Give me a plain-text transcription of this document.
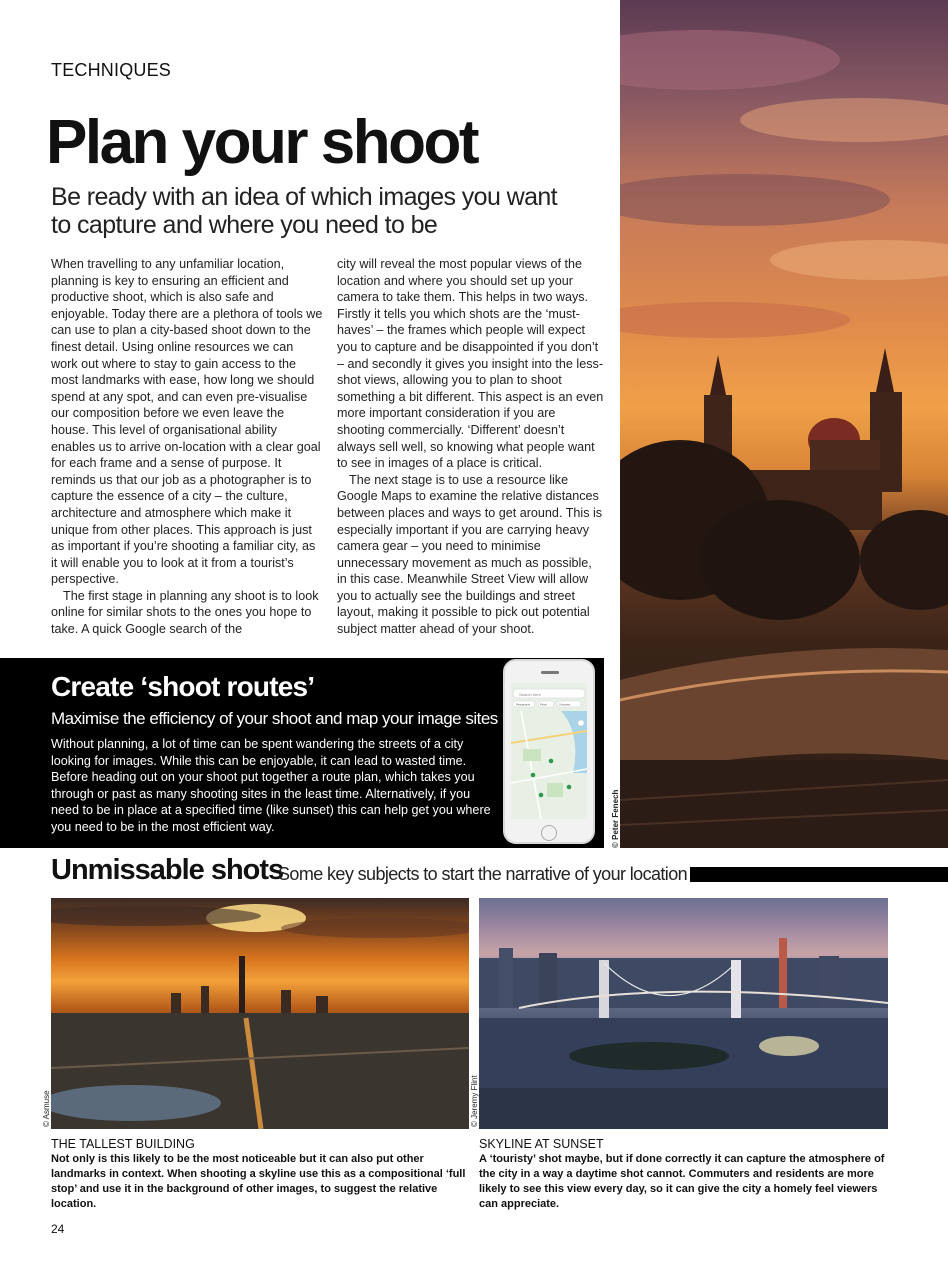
TECHNIQUES
Plan your shoot
Be ready with an idea of which images you want to capture and where you need to be

When travelling to any unfamiliar location, planning is key to ensuring an efficient and productive shoot, which is also safe and enjoyable. Today there are a plethora of tools we can use to plan a city-based shoot down to the finest detail. Using online resources we can work out where to stay to gain access to the most landmarks with ease, how long we should spend at any spot, and can even pre-visualise our composition before we even leave the house. This level of organisational ability enables us to arrive on-location with a clear goal for each frame and a sense of purpose. It reminds us that our job as a photographer is to capture the essence of a city – the culture, architecture and atmosphere which make it unique from other places. This approach is just as important if you’re shooting a familiar city, as it will enable you to look at it from a tourist’s perspective.

The first stage in planning any shoot is to look online for similar shots to the ones you hope to take. A quick Google search of the

city will reveal the most popular views of the location and where you should set up your camera to take them. This helps in two ways. Firstly it tells you which shots are the ‘must-haves’ – the frames which people will expect you to capture and be disappointed if you don’t – and secondly it gives you insight into the less-shot views, allowing you to plan to shoot something a bit different. This aspect is an even more important consideration if you are shooting commercially. ‘Different’ doesn’t always sell well, so knowing what people want to see in images of a place is critical.

The next stage is to use a resource like Google Maps to examine the relative distances between places and ways to get around. This is especially important if you are carrying heavy camera gear – you need to minimise unnecessary movement as much as possible, in this case. Meanwhile Street View will allow you to actually see the buildings and street layout, making it possible to pick out potential subject matter ahead of your shoot.

© Peter Fenech
Create ‘shoot routes’
Maximise the efficiency of your shoot and map your image sites
Without planning, a lot of time can be spent wandering the streets of a city looking for images. While this can be enjoyable, it can lead to wasted time. Before heading out on your shoot put together a route plan, which takes you through or past as many shooting sites in the least time. Alternatively, if you need to be in place at a specified time (like sunset) this can help get you where you need to be in the most efficient way.
Search here
Restaurants	Petrol	Groceries
Unmissable shots
Some key subjects to start the narrative of your location
© Asmuse	© Jeremy Flint
THE TALLEST BUILDING
Not only is this likely to be the most noticeable but it can also put other landmarks in context. When shooting a skyline use this as a compositional ‘full stop’ and use it in the background of other images, to suggest the relative location.
SKYLINE AT SUNSET
A ‘touristy’ shot maybe, but if done correctly it can capture the atmosphere of the city in a way a daytime shot cannot. Commuters and residents are more likely to see this view every day, so it can give the city a homely feel viewers can appreciate.
24
